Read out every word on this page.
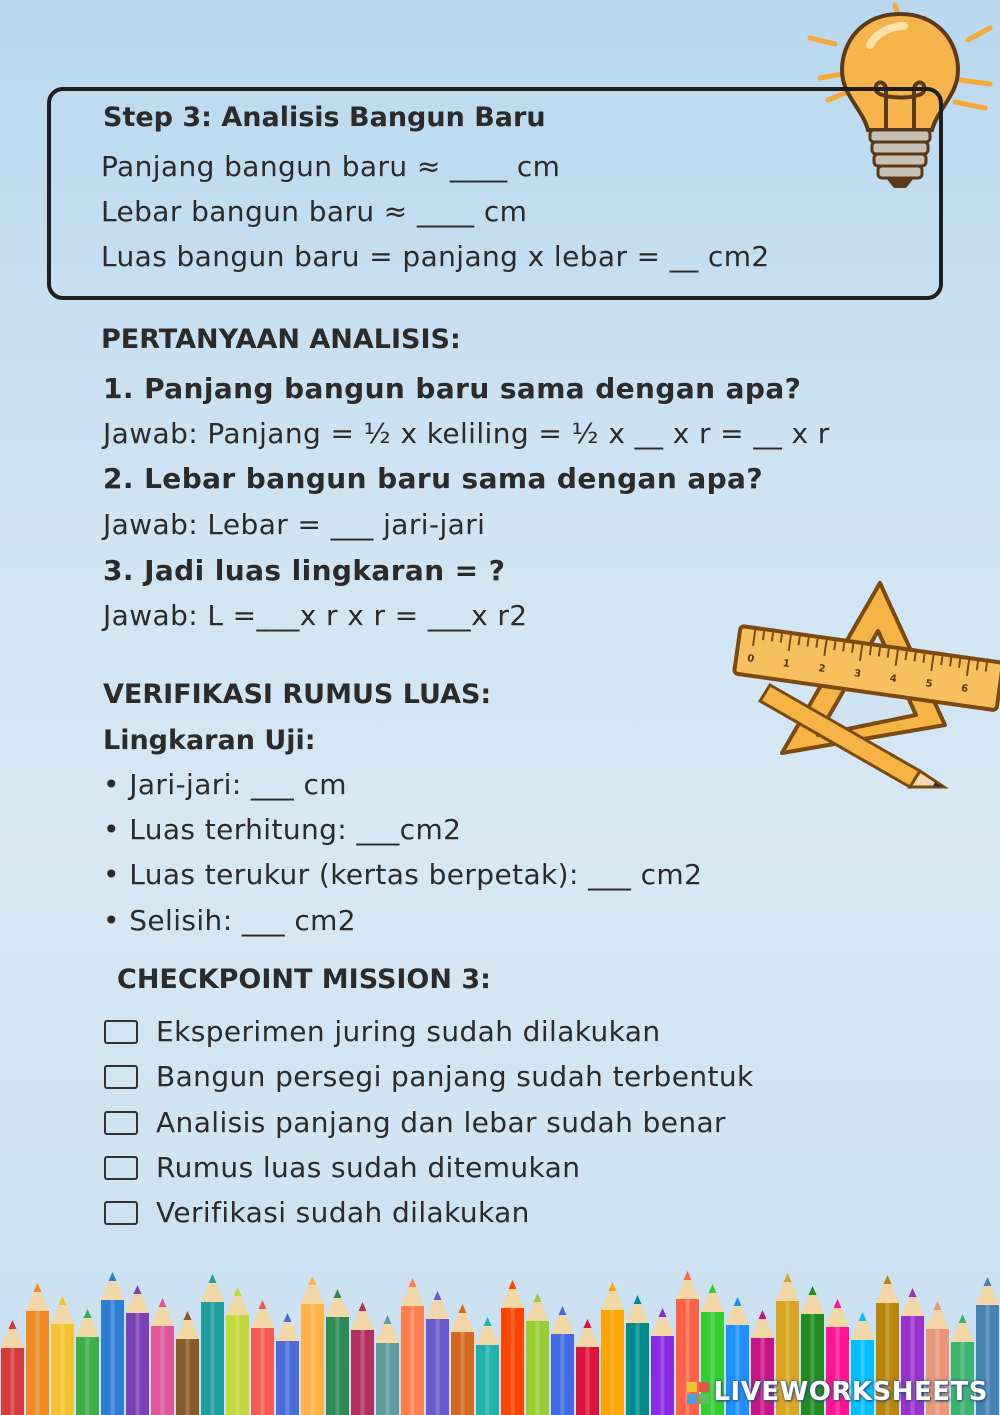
Step 3: Analisis Bangun Baru
Panjang bangun baru ≈ ____ cm
Lebar bangun baru ≈ ____ cm
Luas bangun baru = panjang x lebar = __ cm2
PERTANYAAN ANALISIS:
1. Panjang bangun baru sama dengan apa?
Jawab: Panjang = ½ x keliling = ½ x __ x r = __ x r
2. Lebar bangun baru sama dengan apa?
Jawab: Lebar = ___ jari-jari
3. Jadi luas lingkaran = ?
Jawab: L =___x r x r = ___x r2
0	1	2	3	4	5	6
VERIFIKASI RUMUS LUAS:
Lingkaran Uji:
• Jari-jari: ___ cm
• Luas terhitung: ___cm2
• Luas terukur (kertas berpetak): ___ cm2
• Selisih: ___ cm2
CHECKPOINT MISSION 3:
Eksperimen juring sudah dilakukan
Bangun persegi panjang sudah terbentuk
Analisis panjang dan lebar sudah benar
Rumus luas sudah ditemukan
Verifikasi sudah dilakukan
LIVEWORKSHEETS
